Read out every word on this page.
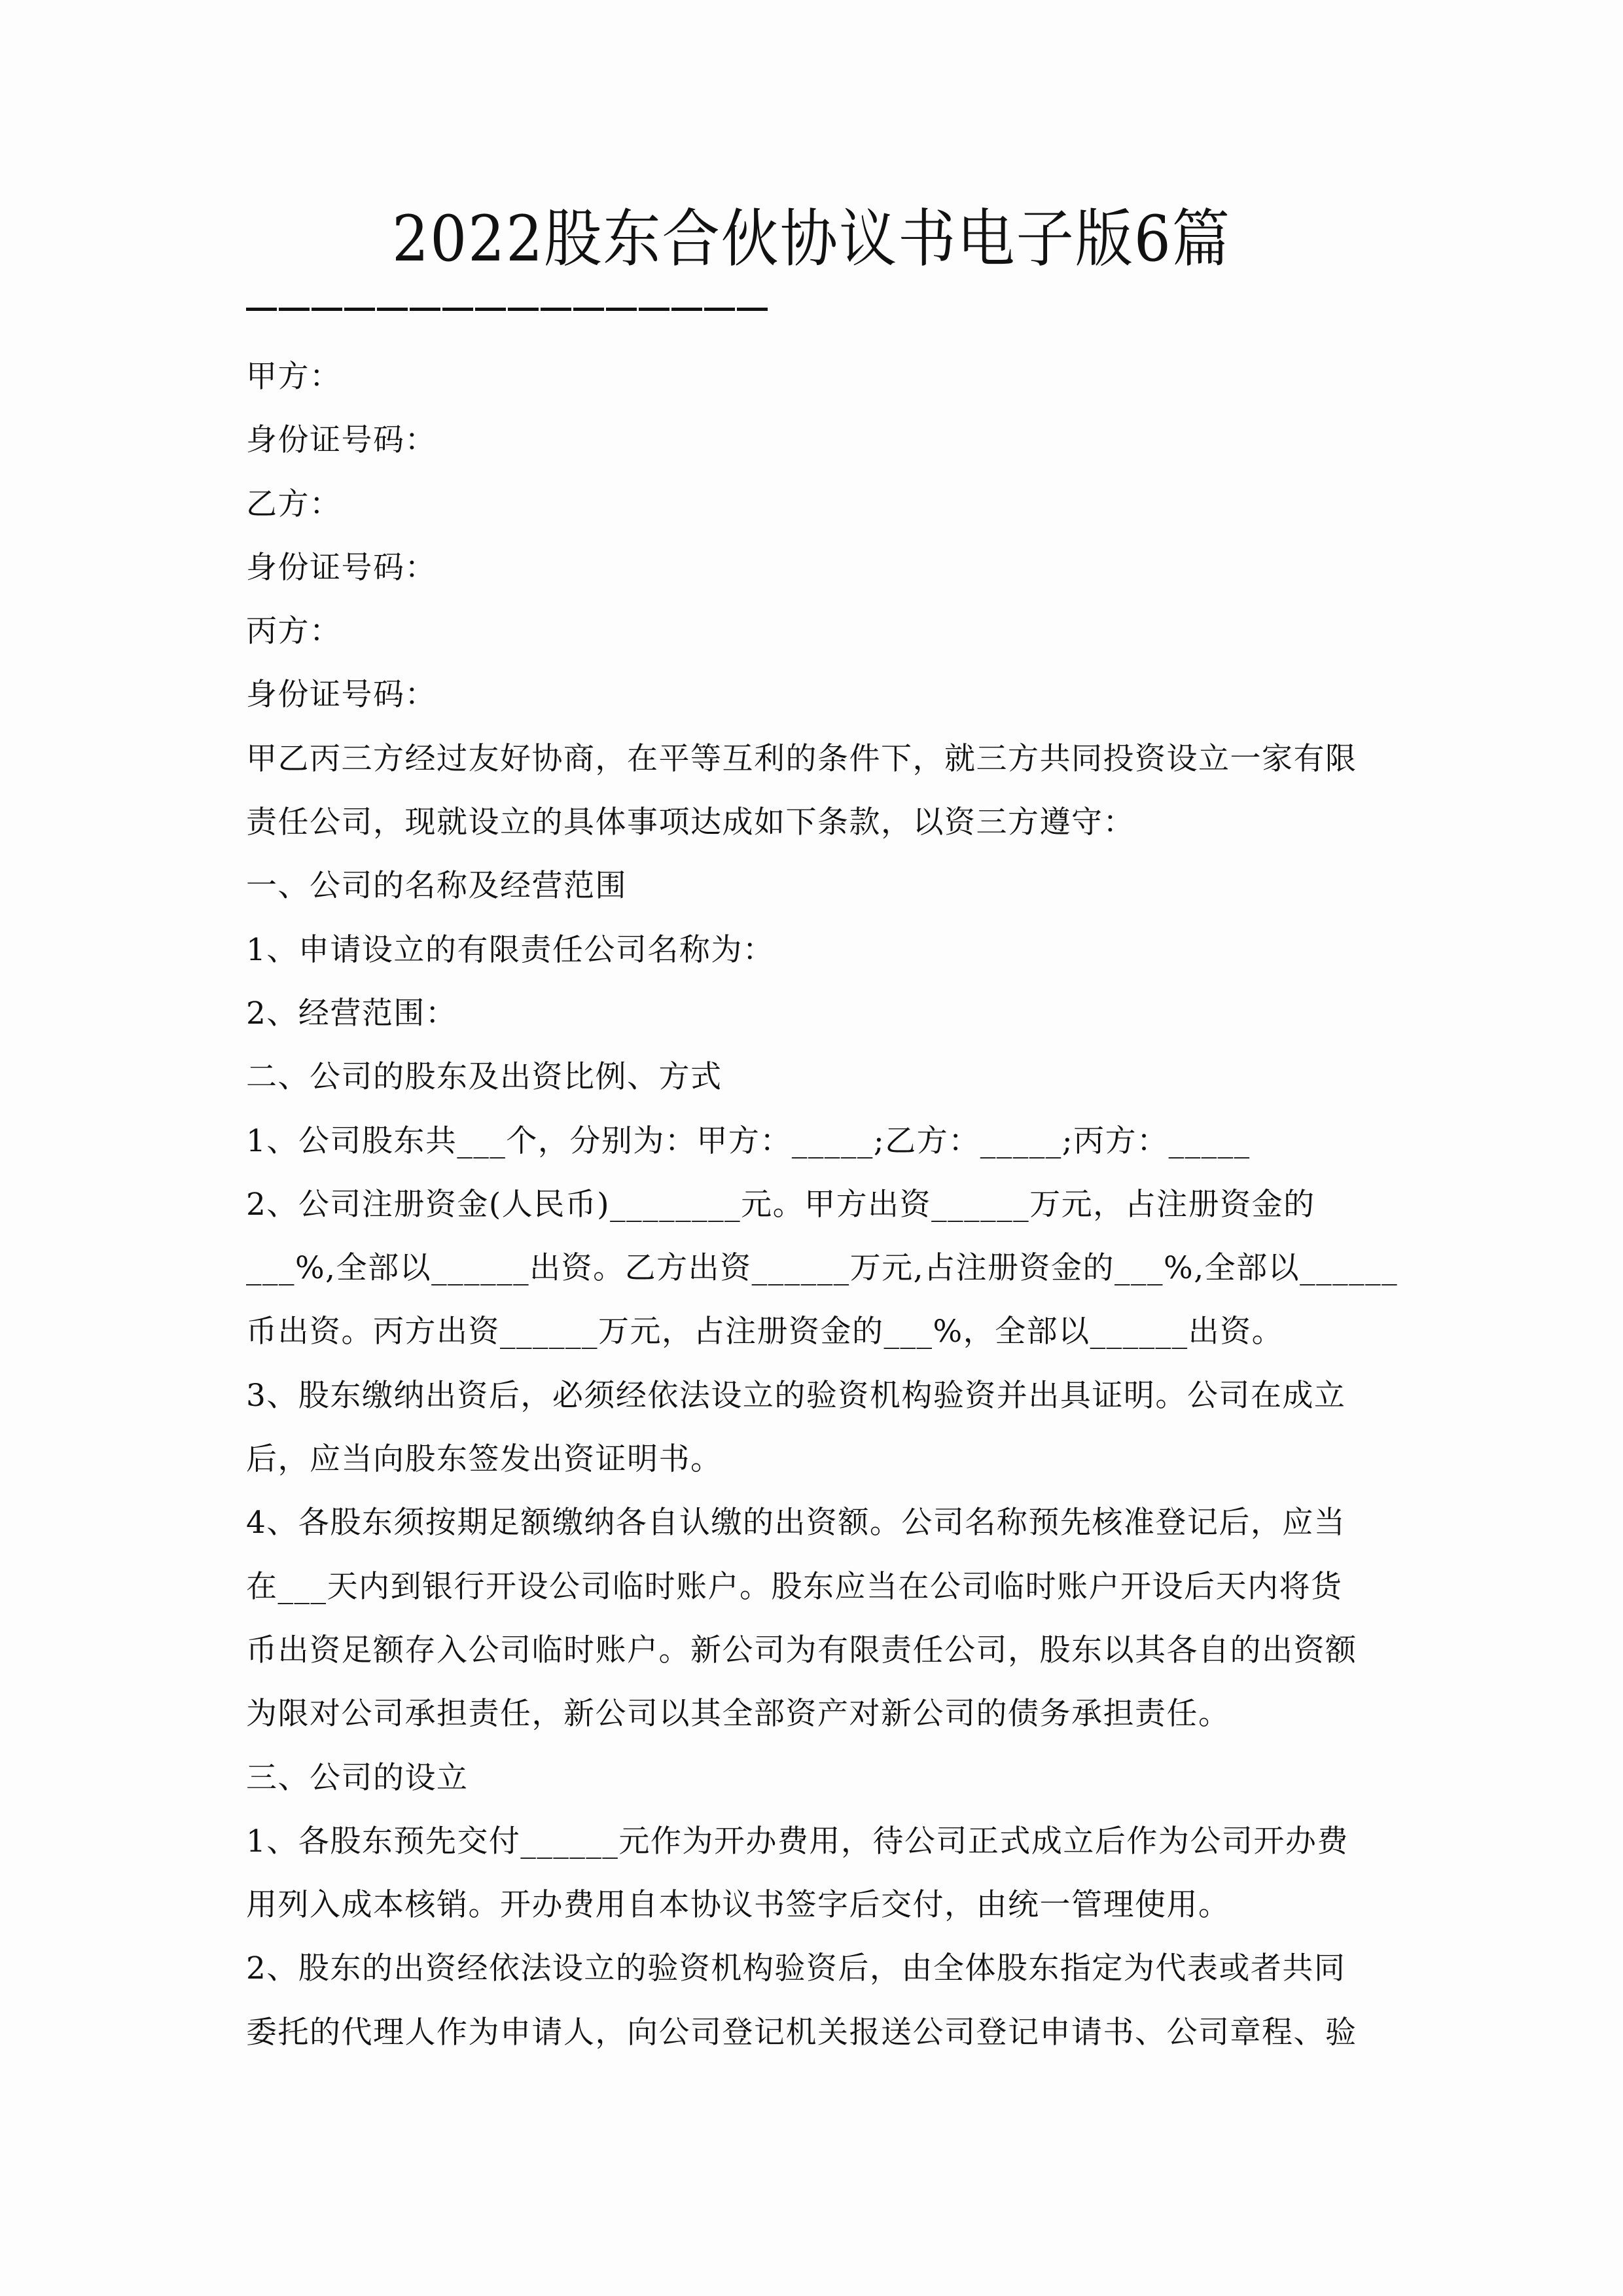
2022股东合伙协议书电子版6篇
甲方：
身份证号码：
乙方：
身份证号码：
丙方：
身份证号码：
甲乙丙三方经过友好协商，在平等互利的条件下，就三方共同投资设立一家有限
责任公司，现就设立的具体事项达成如下条款，以资三方遵守：
一、公司的名称及经营范围
1、申请设立的有限责任公司名称为：
2、经营范围：
二、公司的股东及出资比例、方式
1、公司股东共___个，分别为：甲方：_____;乙方：_____;丙方：_____
2、公司注册资金(人民币)________元。甲方出资______万元，占注册资金的
___%,全部以______出资。乙方出资______万元,占注册资金的___%,全部以______
币出资。丙方出资______万元，占注册资金的___%，全部以______出资。
3、股东缴纳出资后，必须经依法设立的验资机构验资并出具证明。公司在成立
后，应当向股东签发出资证明书。
4、各股东须按期足额缴纳各自认缴的出资额。公司名称预先核准登记后，应当
在___天内到银行开设公司临时账户。股东应当在公司临时账户开设后天内将货
币出资足额存入公司临时账户。新公司为有限责任公司，股东以其各自的出资额
为限对公司承担责任，新公司以其全部资产对新公司的债务承担责任。
三、公司的设立
1、各股东预先交付______元作为开办费用，待公司正式成立后作为公司开办费
用列入成本核销。开办费用自本协议书签字后交付，由统一管理使用。
2、股东的出资经依法设立的验资机构验资后，由全体股东指定为代表或者共同
委托的代理人作为申请人，向公司登记机关报送公司登记申请书、公司章程、验
